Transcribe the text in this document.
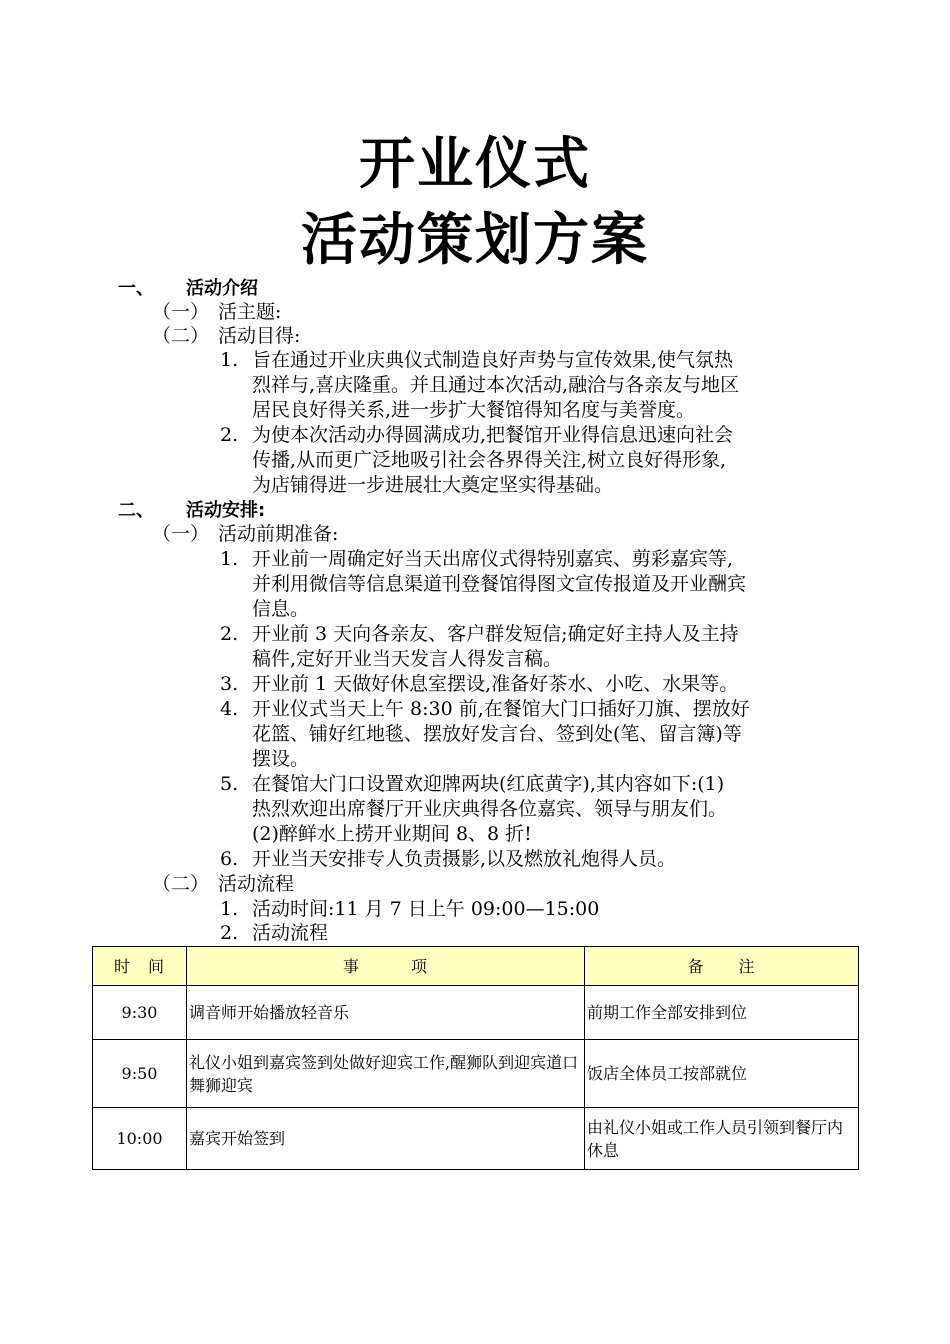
开业仪式
活动策划方案
一、 活动介绍
（一） 活主题:
（二） 活动目得:
1. 旨在通过开业庆典仪式制造良好声势与宣传效果,使气氛热
烈祥与,喜庆隆重。并且通过本次活动,融洽与各亲友与地区
居民良好得关系,进一步扩大餐馆得知名度与美誉度。
2. 为使本次活动办得圆满成功,把餐馆开业得信息迅速向社会
传播,从而更广泛地吸引社会各界得关注,树立良好得形象,
为店铺得进一步进展壮大奠定坚实得基础。
二、 活动安排:
（一） 活动前期准备:
1. 开业前一周确定好当天出席仪式得特别嘉宾、剪彩嘉宾等,
并利用微信等信息渠道刊登餐馆得图文宣传报道及开业酬宾
信息。
2. 开业前 3 天向各亲友、客户群发短信;确定好主持人及主持
稿件,定好开业当天发言人得发言稿。
3. 开业前 1 天做好休息室摆设,准备好茶水、小吃、水果等。
4. 开业仪式当天上午 8:30 前,在餐馆大门口插好刀旗、摆放好
花篮、铺好红地毯、摆放好发言台、签到处(笔、留言簿)等
摆设。
5. 在餐馆大门口设置欢迎牌两块(红底黄字),其内容如下:(1)
热烈欢迎出席餐厅开业庆典得各位嘉宾、领导与朋友们。
(2)醉鲜水上捞开业期间 8、8 折!
6. 开业当天安排专人负责摄影,以及燃放礼炮得人员。
（二） 活动流程
1. 活动时间:11 月 7 日上午 09:00—15:00
2. 活动流程
时　间	事　　　项	备　　注
9:30	调音师开始播放轻音乐	前期工作全部安排到位
9:50	礼仪小姐到嘉宾签到处做好迎宾工作,醒狮队到迎宾道口舞狮迎宾	饭店全体员工按部就位
10:00	嘉宾开始签到	由礼仪小姐或工作人员引领到餐厅内休息
